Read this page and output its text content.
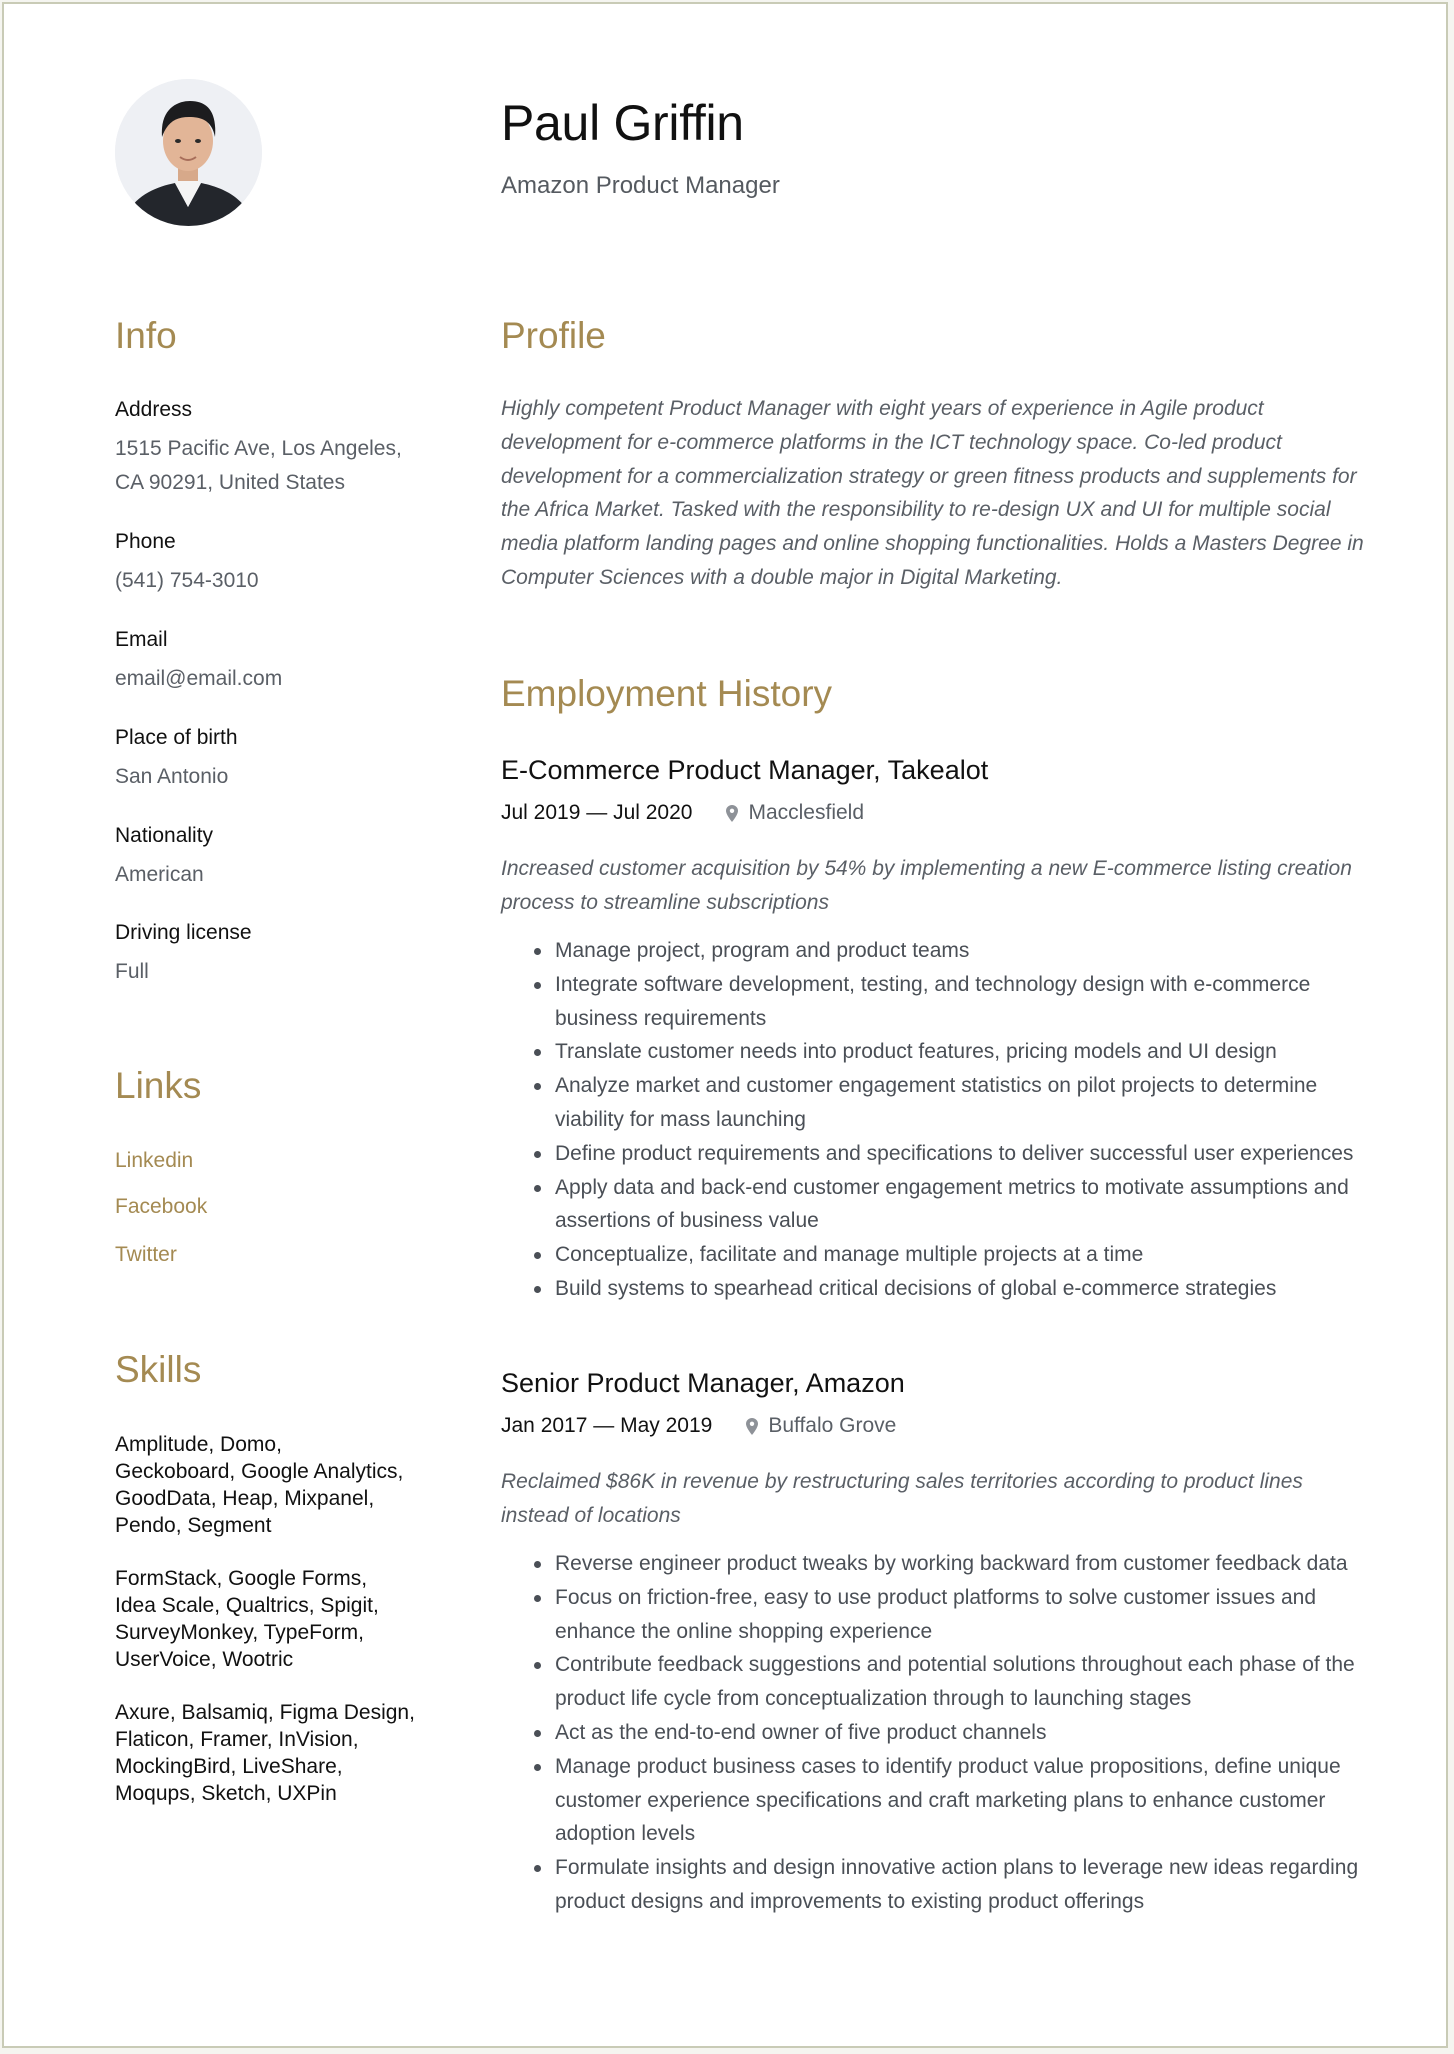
Paul Griffin
Amazon Product Manager
Info
Address
1515 Pacific Ave, Los Angeles,
CA 90291, United States
Phone
(541) 754-3010
Email
email@email.com
Place of birth
San Antonio
Nationality
American
Driving license
Full
Links
Linkedin
Facebook
Twitter
Skills
Amplitude, Domo,
Geckoboard, Google Analytics,
GoodData, Heap, Mixpanel,
Pendo, Segment
FormStack, Google Forms,
Idea Scale, Qualtrics, Spigit,
SurveyMonkey, TypeForm,
UserVoice, Wootric
Axure, Balsamiq, Figma Design,
Flaticon, Framer, InVision,
MockingBird, LiveShare,
Moqups, Sketch, UXPin
Profile
Highly competent Product Manager with eight years of experience in Agile product development for e-commerce platforms in the ICT technology space. Co-led product development for a commercialization strategy or green fitness products and supplements for the Africa Market. Tasked with the responsibility to re-design UX and UI for multiple social media platform landing pages and online shopping functionalities. Holds a Masters Degree in Computer Sciences with a double major in Digital Marketing.
Employment History
E-Commerce Product Manager, Takealot
Jul 2019 — Jul 2020	Macclesfield
Increased customer acquisition by 54% by implementing a new E-commerce listing creation process to streamline subscriptions
Manage project, program and product teams
Integrate software development, testing, and technology design with e-commerce business requirements
Translate customer needs into product features, pricing models and UI design
Analyze market and customer engagement statistics on pilot projects to determine viability for mass launching
Define product requirements and specifications to deliver successful user experiences
Apply data and back-end customer engagement metrics to motivate assumptions and assertions of business value
Conceptualize, facilitate and manage multiple projects at a time
Build systems to spearhead critical decisions of global e-commerce strategies
Senior Product Manager, Amazon
Jan 2017 — May 2019	Buffalo Grove
Reclaimed $86K in revenue by restructuring sales territories according to product lines instead of locations
Reverse engineer product tweaks by working backward from customer feedback data
Focus on friction-free, easy to use product platforms to solve customer issues and enhance the online shopping experience
Contribute feedback suggestions and potential solutions throughout each phase of the product life cycle from conceptualization through to launching stages
Act as the end-to-end owner of five product channels
Manage product business cases to identify product value propositions, define unique customer experience specifications and craft marketing plans to enhance customer adoption levels
Formulate insights and design innovative action plans to leverage new ideas regarding product designs and improvements to existing product offerings
